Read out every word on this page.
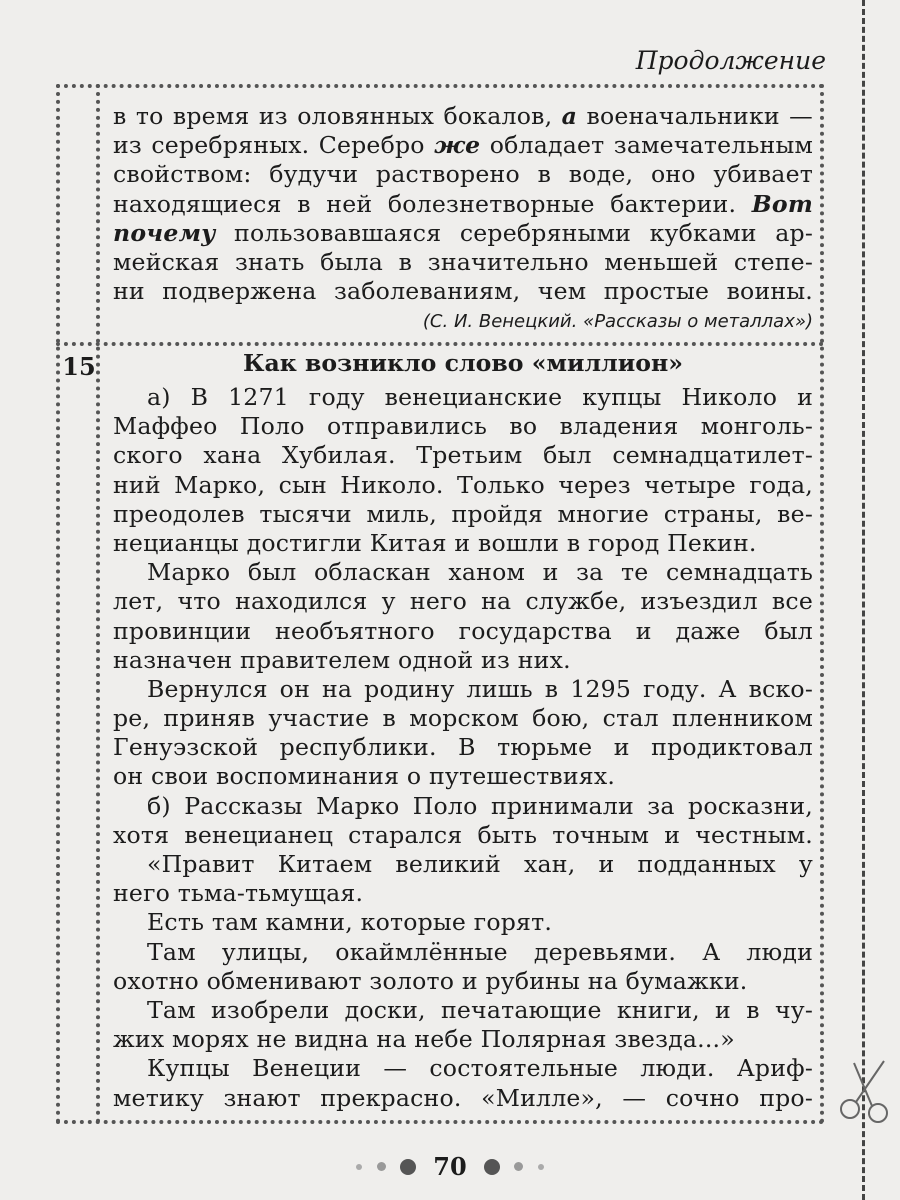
Продолжение
15
в то время из оловянных бокалов, а военачальники —
из серебряных. Серебро же обладает замечательным
свойством: будучи растворено в воде, оно убивает
находящиеся в ней болезнетворные бактерии. Вот
почему пользовавшаяся серебряными кубками ар-
мейская знать была в значительно меньшей степе-
ни подвержена заболеваниям, чем простые воины.
(С. И. Венецкий. «Рассказы о металлах»)
Как возникло слово «миллион»
а) В 1271 году венецианские купцы Николо и
Маффео Поло отправились во владения монголь-
ского хана Хубилая. Третьим был семнадцатилет-
ний Марко, сын Николо. Только через четыре года,
преодолев тысячи миль, пройдя многие страны, ве-
нецианцы достигли Китая и вошли в город Пекин.
Марко был обласкан ханом и за те семнадцать
лет, что находился у него на службе, изъездил все
провинции необъятного государства и даже был
назначен правителем одной из них.
Вернулся он на родину лишь в 1295 году. А вско-
ре, приняв участие в морском бою, стал пленником
Генуэзской республики. В тюрьме и продиктовал
он свои воспоминания о путешествиях.
б) Рассказы Марко Поло принимали за росказни,
хотя венецианец старался быть точным и честным.
«Правит Китаем великий хан, и подданных у
него тьма-тьмущая.
Есть там камни, которые горят.
Там улицы, окаймлённые деревьями. А люди
охотно обменивают золото и рубины на бумажки.
Там изобрели доски, печатающие книги, и в чу-
жих морях не видна на небе Полярная звезда...»
Купцы Венеции — состоятельные люди. Ариф-
метику знают прекрасно. «Милле», — сочно про-
70
